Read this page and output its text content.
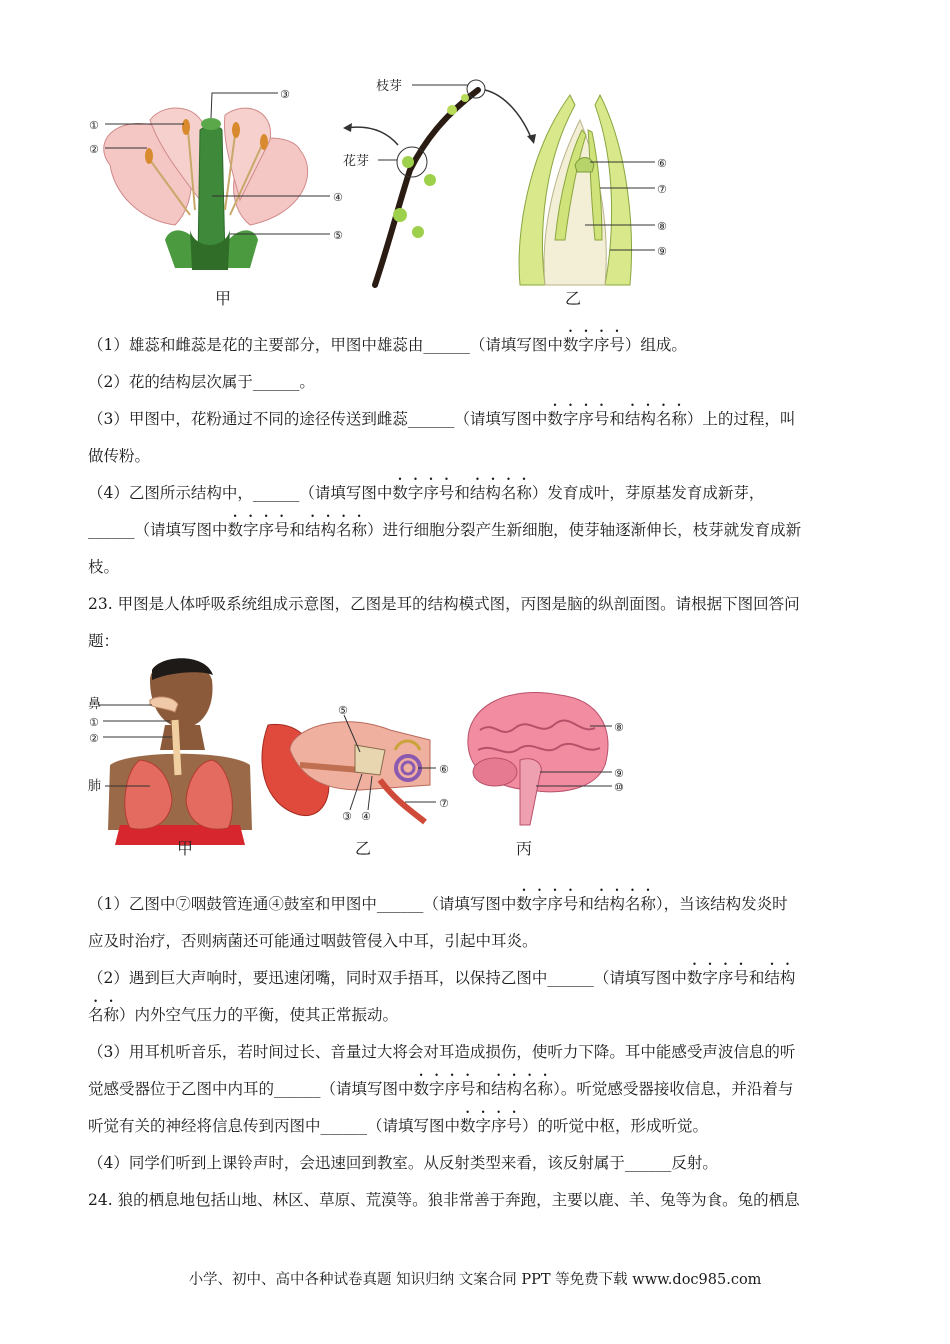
①
②
③
④
⑤
甲
枝芽
花芽	⑥
⑦
⑧
⑨
乙
（1）雄蕊和雌蕊是花的主要部分，甲图中雄蕊由______（请填写图中数字序号）组成。
（2）花的结构层次属于______。
（3）甲图中，花粉通过不同的途径传送到雌蕊______（请填写图中数字序号和结构名称）上的过程，叫
做传粉。
（4）乙图所示结构中，______（请填写图中数字序号和结构名称）发育成叶，芽原基发育成新芽，
______（请填写图中数字序号和结构名称）进行细胞分裂产生新细胞，使芽轴逐渐伸长，枝芽就发育成新
枝。
23. 甲图是人体呼吸系统组成示意图，乙图是耳的结构模式图，丙图是脑的纵剖面图。请根据下图回答问
题：
鼻
①
②
肺
甲
⑤
⑥
⑦
③ ④
乙
⑧
⑨
⑩
丙
（1）乙图中⑦咽鼓管连通④鼓室和甲图中______（请填写图中数字序号和结构名称），当该结构发炎时
应及时治疗，否则病菌还可能通过咽鼓管侵入中耳，引起中耳炎。
（2）遇到巨大声响时，要迅速闭嘴，同时双手捂耳，以保持乙图中______（请填写图中数字序号和结构
名称）内外空气压力的平衡，使其正常振动。
（3）用耳机听音乐，若时间过长、音量过大将会对耳造成损伤，使听力下降。耳中能感受声波信息的听
觉感受器位于乙图中内耳的______（请填写图中数字序号和结构名称）。听觉感受器接收信息，并沿着与
听觉有关的神经将信息传到丙图中______（请填写图中数字序号）的听觉中枢，形成听觉。
（4）同学们听到上课铃声时，会迅速回到教室。从反射类型来看，该反射属于______反射。
24. 狼的栖息地包括山地、林区、草原、荒漠等。狼非常善于奔跑，主要以鹿、羊、兔等为食。兔的栖息
小学、初中、高中各种试卷真题 知识归纳 文案合同 PPT 等免费下载 www.doc985.com
